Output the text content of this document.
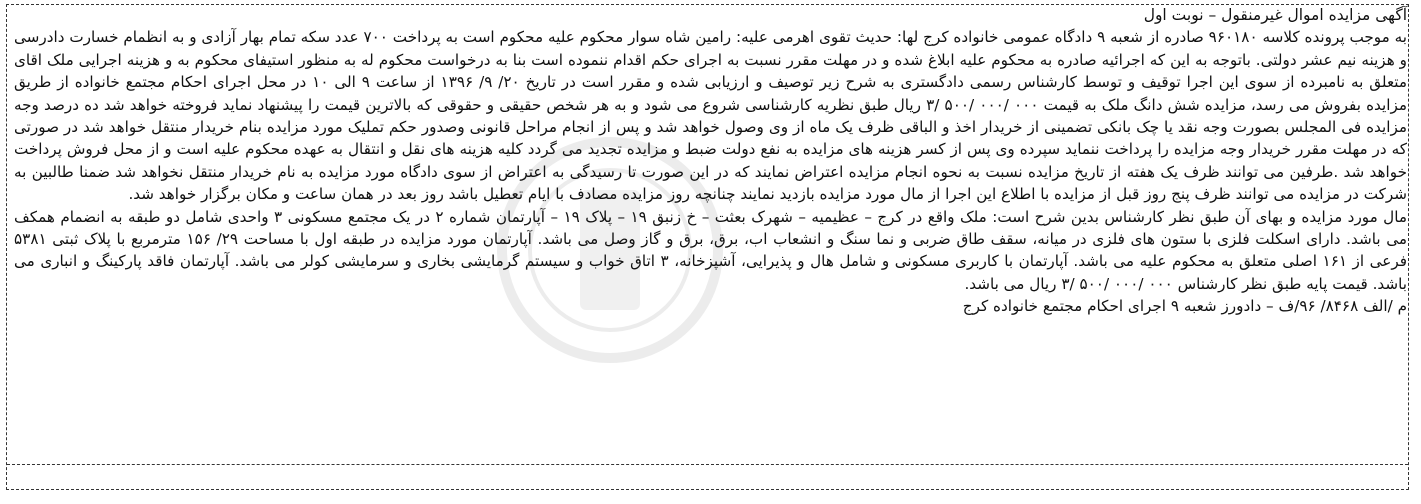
آگهی مزایده اموال غیرمنقول – نوبت اول

به موجب پرونده کلاسه ۹۶۰۱۸۰ صادره از شعبه ۹ دادگاه عمومی خانواده کرج لها: حدیث تقوی اهرمی علیه: رامین شاه سوار محکوم علیه محکوم است به پرداخت ۷۰۰ عدد سکه تمام بهار آزادی و به انظمام خسارت دادرسی و هزینه نیم عشر دولتی. باتوجه به این که اجرائیه صادره به محکوم علیه ابلاغ شده و در مهلت مقرر نسبت به اجرای حکم اقدام ننموده است بنا به درخواست محکوم له به منظور استیفای محکوم به و هزینه اجرایی ملک اقای متعلق به نامبرده از سوی این اجرا توقیف و توسط کارشناس رسمی دادگستری به شرح زیر توصیف و ارزیابی شده و مقرر است در تاریخ ۲۰/ ۹/ ۱۳۹۶ از ساعت ۹ الی ۱۰ در محل اجرای احکام مجتمع خانواده از طریق مزایده بفروش می رسد، مزایده شش دانگ ملک به قیمت ۰۰۰ /۰۰۰ /۵۰۰ /۳ ریال طبق نظریه کارشناسی شروع می شود و به هر شخص حقیقی و حقوقی که بالاترین قیمت را پیشنهاد نماید فروخته خواهد شد ده درصد وجه مزایده فی المجلس بصورت وجه نقد یا چک بانکی تضمینی از خریدار اخذ و الباقی ظرف یک ماه از وی وصول خواهد شد و پس از انجام مراحل قانونی وصدور حکم تملیک مورد مزایده بنام خریدار منتقل خواهد شد در صورتی که در مهلت مقرر خریدار وجه مزایده را پرداخت ننماید سپرده وی پس از کسر هزینه های مزایده به نفع دولت ضبط و مزایده تجدید می گردد کلیه هزینه های نقل و انتقال به عهده محکوم علیه است و از محل فروش پرداخت خواهد شد .طرفین می توانند ظرف یک هفته از تاریخ مزایده نسبت به نحوه انجام مزایده اعتراض نمایند که در این صورت تا رسیدگی به اعتراض از سوی دادگاه مورد مزایده به نام خریدار منتقل نخواهد شد ضمنا طالبین به شرکت در مزایده می توانند ظرف پنج روز قبل از مزایده با اطلاع این اجرا از مال مورد مزایده بازدید نمایند چنانچه روز مزایده مصادف با ایام تعطیل باشد روز بعد در همان ساعت و مکان برگزار خواهد شد.

مال مورد مزایده و بهای آن طبق نظر کارشناس بدین شرح است: ملک واقع در کرج – عظیمیه – شهرک بعثت – خ زنبق ۱۹ – پلاک ۱۹ – آپارتمان شماره ۲ در یک مجتمع مسکونی ۳ واحدی شامل دو طبقه به انضمام همکف می باشد. دارای اسکلت فلزی با ستون های فلزی در میانه، سقف طاق ضربی و نما سنگ و انشعاب اب، برق، برق و گاز وصل می باشد. آپارتمان مورد مزایده در طبقه اول با مساحت ۲۹/ ۱۵۶ مترمربع با پلاک ثبتی ۵۳۸۱ فرعی از ۱۶۱ اصلی متعلق به محکوم علیه می باشد. آپارتمان با کاربری مسکونی و شامل هال و پذیرایی، آشپزخانه، ۳ اتاق خواب و سیستم گرمایشی بخاری و سرمایشی کولر می باشد. آپارتمان فاقد پارکینگ و انباری می باشد. قیمت پایه طبق نظر کارشناس ۰۰۰ /۰۰۰ /۵۰۰ /۳ ریال می باشد.

م /الف ۸۴۶۸/ ۹۶/ف – دادورز شعبه ۹ اجرای احکام مجتمع خانواده کرج
